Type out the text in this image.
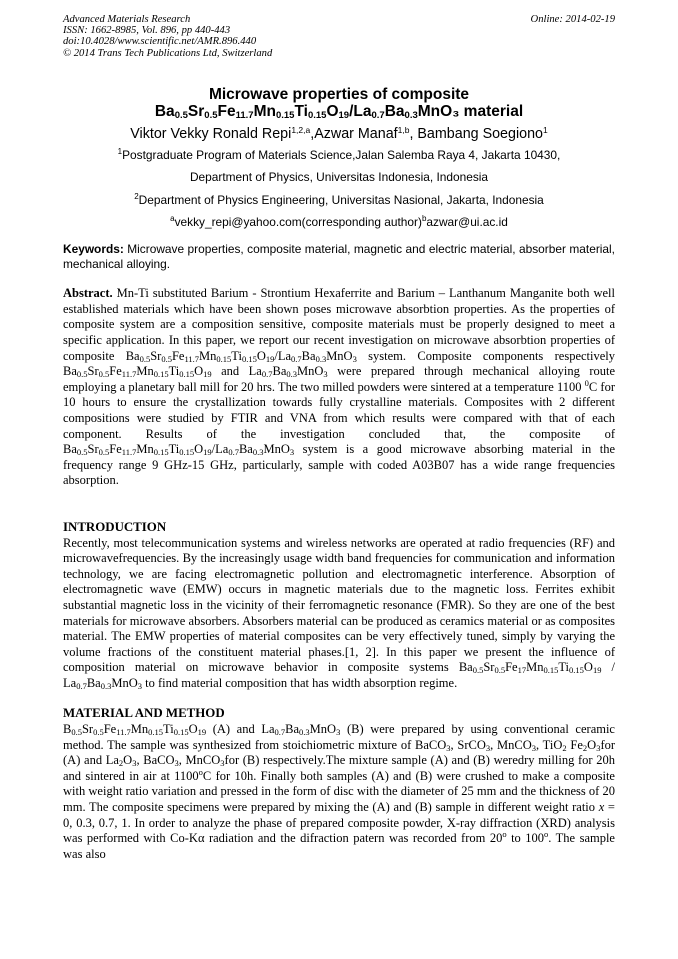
Advanced Materials Research
ISSN: 1662-8985, Vol. 896, pp 440-443
doi:10.4028/www.scientific.net/AMR.896.440
© 2014 Trans Tech Publications Ltd, Switzerland
Online: 2014-02-19
Microwave properties of composite
$Ba_{0.5}Sr_{0.5}Fe_{11.7}Mn_{0.15}Ti_{0.15}O_{19}/La_{0.7}Ba_{0.3}MnO_3$ material
Viktor Vekky Ronald Repi$^{1,2,a}$,Azwar Manaf$^{1,b}$, Bambang Soegiono$^1$
$^1$Postgraduate Program of Materials Science,Jalan Salemba Raya 4, Jakarta 10430,
Department of Physics, Universitas Indonesia, Indonesia
$^2$Department of Physics Engineering, Universitas Nasional, Jakarta, Indonesia
$^a$vekky_repi@yahoo.com(corresponding author)$^b$azwar@ui.ac.id
Keywords: Microwave properties, composite material, magnetic and electric material, absorber material, mechanical alloying.
Abstract. Mn-Ti substituted Barium - Strontium Hexaferrite and Barium – Lanthanum Manganite both well established materials which have been shown poses microwave absorbtion properties. As the properties of composite system are a composition sensitive, composite materials must be properly designed to meet a specific application. In this paper, we report our recent investigation on microwave absorbtion properties of composite $Ba_{0.5}Sr_{0.5}Fe_{11.7}Mn_{0.15}Ti_{0.15}O_{19}/La_{0.7}Ba_{0.3}MnO_3$ system. Composite components respectively $Ba_{0.5}Sr_{0.5}Fe_{11.7}Mn_{0.15}Ti_{0.15}O_{19}$ and $La_{0.7}Ba_{0.3}MnO_3$ were prepared through mechanical alloying route employing a planetary ball mill for 20 hrs. The two milled powders were sintered at a temperature 1100 $^0$C for 10 hours to ensure the crystallization towards fully crystalline materials. Composites with 2 different compositions were studied by FTIR and VNA from which results were compared with that of each component. Results of the investigation concluded that, the composite of $Ba_{0.5}Sr_{0.5}Fe_{11.7}Mn_{0.15}Ti_{0.15}O_{19}/La_{0.7}Ba_{0.3}MnO_3$ system is a good microwave absorbing material in the frequency range 9 GHz-15 GHz, particularly, sample with coded A03B07 has a wide range frequencies absorption.
INTRODUCTION
Recently, most telecommunication systems and wireless networks are operated at radio frequencies (RF) and microwavefrequencies. By the increasingly usage width band frequencies for communication and information technology, we are facing electromagnetic pollution and electromagnetic interference. Absorption of electromagnetic wave (EMW) occurs in magnetic materials due to the magnetic loss. Ferrites exhibit substantial magnetic loss in the vicinity of their ferromagnetic resonance (FMR). So they are one of the best materials for microwave absorbers. Absorbers material can be produced as ceramics material or as composites material. The EMW properties of material composites can be very effectively tuned, simply by varying the volume fractions of the constituent material phases.[1, 2]. In this paper we present the influence of composition material on microwave behavior in composite systems $Ba_{0.5}Sr_{0.5}Fe_{17}Mn_{0.15}Ti_{0.15}O_{19} / La_{0.7}Ba_{0.3}MnO_3$ to find material composition that has width absorption regime.
MATERIAL AND METHOD
$B_{0.5}Sr_{0.5}Fe_{11.7}Mn_{0.15}Ti_{0.15}O_{19}$ (A) and $La_{0.7}Ba_{0.3}MnO_3$ (B) were prepared by using conventional ceramic method. The sample was synthesized from stoichiometric mixture of BaCO$_3$, SrCO$_3$, MnCO$_3$, TiO$_2$ $Fe_2O_3for$ (A) and $La_2O_3$, BaCO$_3$, MnCO$_3$for (B) respectively.The mixture sample (A) and (B) weredry milling for 20h and sintered in air at 1100$^o$C for 10h. Finally both samples (A) and (B) were crushed to make a composite with weight ratio variation and pressed in the form of disc with the diameter of 25 mm and the thickness of 20 mm. The composite specimens were prepared by mixing the (A) and (B) sample in different weight ratio x = 0, 0.3, 0.7, 1. In order to analyze the phase of prepared composite powder, X-ray diffraction (XRD) analysis was performed with Co-Kα radiation and the difraction patern was recorded from 20$^o$ to 100$^o$. The sample was also
